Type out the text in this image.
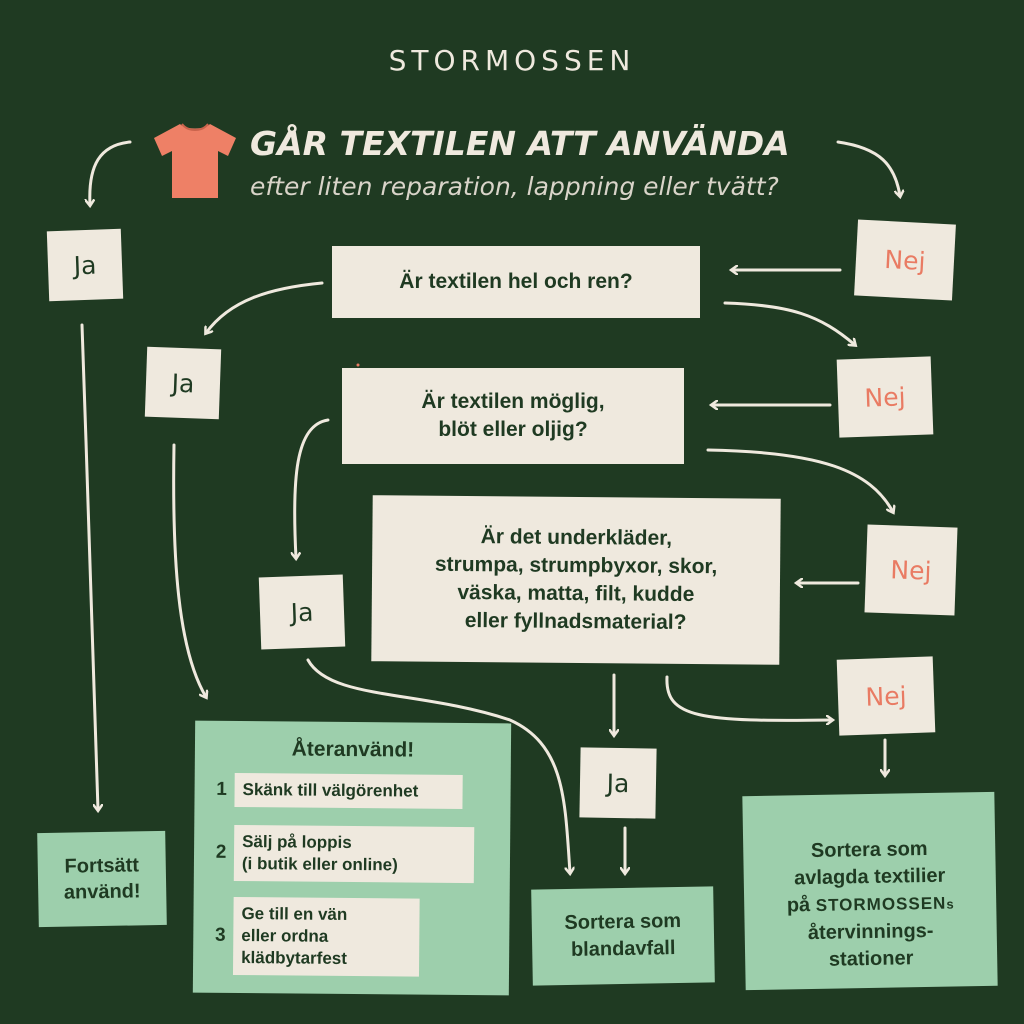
STORMOSSEN
GÅR TEXTILEN ATT ANVÄNDA
efter liten reparation, lappning eller tvätt?
Ja	Nej
Ja	Nej
Ja
Nej
Ja
Nej
Är textilen hel och ren?
Är textilen möglig,
blöt eller oljig?
Är det underkläder,
strumpa, strumpbyxor, skor,
väska, matta, filt, kudde
eller fyllnadsmaterial?
Fortsätt
använd!
Återanvänd!
1 Skänk till välgörenhet
2 Sälj på loppis
(i butik eller online)
3
Ge till en vän
eller ordna
klädbytarfest
Sortera som
blandavfall

Sortera som
avlagda textilier
på STORMOSSENs
återvinnings-
stationer
